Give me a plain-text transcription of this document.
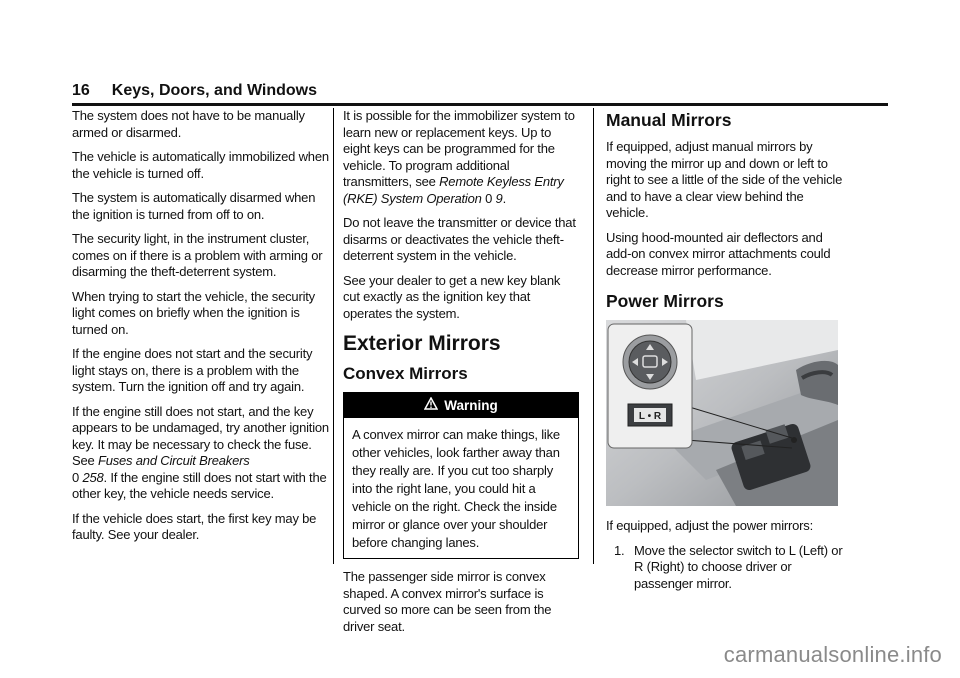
16 Keys, Doors, and Windows

The system does not have to be manually armed or disarmed.

The vehicle is automatically immobilized when the vehicle is turned off.

The system is automatically disarmed when the ignition is turned from off to on.

The security light, in the instrument cluster, comes on if there is a problem with arming or disarming the theft-deterrent system.

When trying to start the vehicle, the security light comes on briefly when the ignition is turned on.

If the engine does not start and the security light stays on, there is a problem with the system. Turn the ignition off and try again.

If the engine still does not start, and the key appears to be undamaged, try another ignition key. It may be necessary to check the fuse. See Fuses and Circuit Breakers
0 258. If the engine still does not start with the other key, the vehicle needs service.

If the vehicle does start, the first key may be faulty. See your dealer.

It is possible for the immobilizer system to learn new or replacement keys. Up to eight keys can be programmed for the vehicle. To program additional transmitters, see Remote Keyless Entry (RKE) System Operation 0 9.

Do not leave the transmitter or device that disarms or deactivates the vehicle theft-deterrent system in the vehicle.

See your dealer to get a new key blank cut exactly as the ignition key that operates the system.

Exterior Mirrors
Convex Mirrors
Warning

A convex mirror can make things, like other vehicles, look farther away than they really are. If you cut too sharply into the right lane, you could hit a vehicle on the right. Check the inside mirror or glance over your shoulder before changing lanes.

The passenger side mirror is convex shaped. A convex mirror's surface is curved so more can be seen from the driver seat.

Manual Mirrors

If equipped, adjust manual mirrors by moving the mirror up and down or left to right to see a little of the side of the vehicle and to have a clear view behind the vehicle.

Using hood-mounted air deflectors and add-on convex mirror attachments could decrease mirror performance.

Power Mirrors
L • R

If equipped, adjust the power mirrors:

1. Move the selector switch to L (Left) or R (Right) to choose driver or passenger mirror.

carmanualsonline.info
